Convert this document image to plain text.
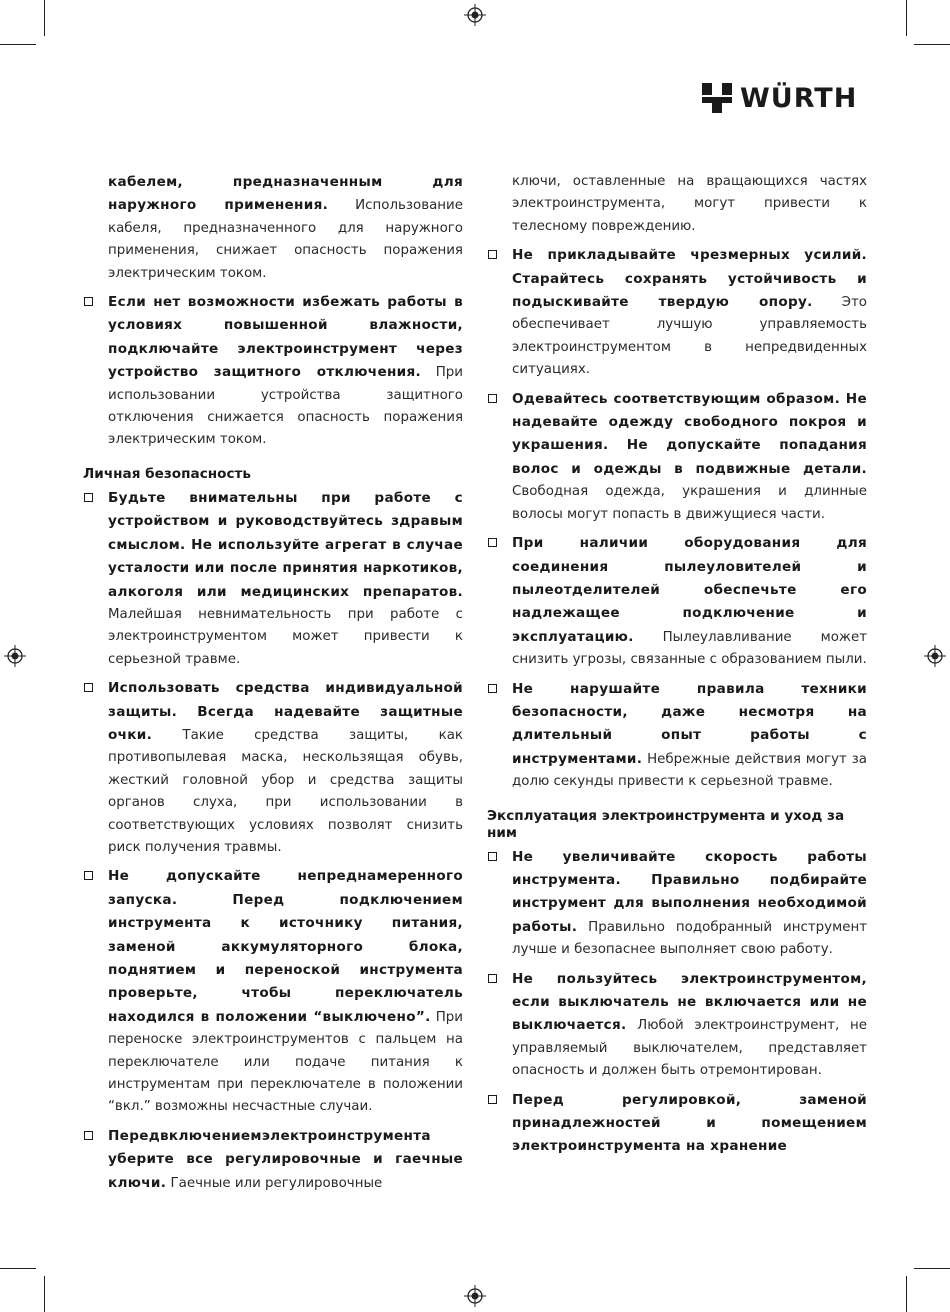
WÜRTH
кабелем, предназначенным для наружного применения. Использование кабеля, предназначенного для наружного применения, снижает опасность поражения электрическим током.
Если нет возможности избежать работы в условиях повышенной влажности, подключайте электроинструмент через устройство защитного отключения. При использовании устройства защитного отключения снижается опасность поражения электрическим током.
Личная безопасность
Будьте внимательны при работе с устройством и руководствуйтесь здравым смыслом. Не используйте агрегат в случае усталости или после принятия наркотиков, алкоголя или медицинских препаратов. Малейшая невнимательность при работе с электроинструментом может привести к серьезной травме.
Использовать средства индивидуальной защиты. Всегда надевайте защитные очки. Такие средства защиты, как противопылевая маска, нескользящая обувь, жесткий головной убор и средства защиты органов слуха, при использовании в соответствующих условиях позволят снизить риск получения травмы.
Не допускайте непреднамеренного запуска. Перед подключением инструмента к источнику питания, заменой аккумуляторного блока, поднятием и переноской инструмента проверьте, чтобы переключатель находился в положении “выключено”. При переноске электроинструментов с пальцем на переключателе или подаче питания к инструментам при переключателе в положении “вкл.” возможны несчастные случаи.
Передвключениемэлектроинструмента уберите все регулировочные и гаечные ключи. Гаечные или регулировочные
ключи, оставленные на вращающихся частях электроинструмента, могут привести к телесному повреждению.
Не прикладывайте чрезмерных усилий. Старайтесь сохранять устойчивость и подыскивайте твердую опору. Это обеспечивает лучшую управляемость электроинструментом в непредвиденных ситуациях.
Одевайтесь соответствующим образом. Не надевайте одежду свободного покроя и украшения. Не допускайте попадания волос и одежды в подвижные детали. Свободная одежда, украшения и длинные волосы могут попасть в движущиеся части.
При наличии оборудования для соединения пылеуловителей и пылеотделителей обеспечьте его надлежащее подключение и эксплуатацию. Пылеулавливание может снизить угрозы, связанные с образованием пыли.
Не нарушайте правила техники безопасности, даже несмотря на длительный опыт работы с инструментами. Небрежные действия могут за долю секунды привести к серьезной травме.
Эксплуатация электроинструмента и уход за ним
Не увеличивайте скорость работы инструмента. Правильно подбирайте инструмент для выполнения необходимой работы. Правильно подобранный инструмент лучше и безопаснее выполняет свою работу.
Не пользуйтесь электроинструментом, если выключатель не включается или не выключается. Любой электроинструмент, не управляемый выключателем, представляет опасность и должен быть отремонтирован.
Перед регулировкой, заменой принадлежностей и помещением электроинструмента на хранение
